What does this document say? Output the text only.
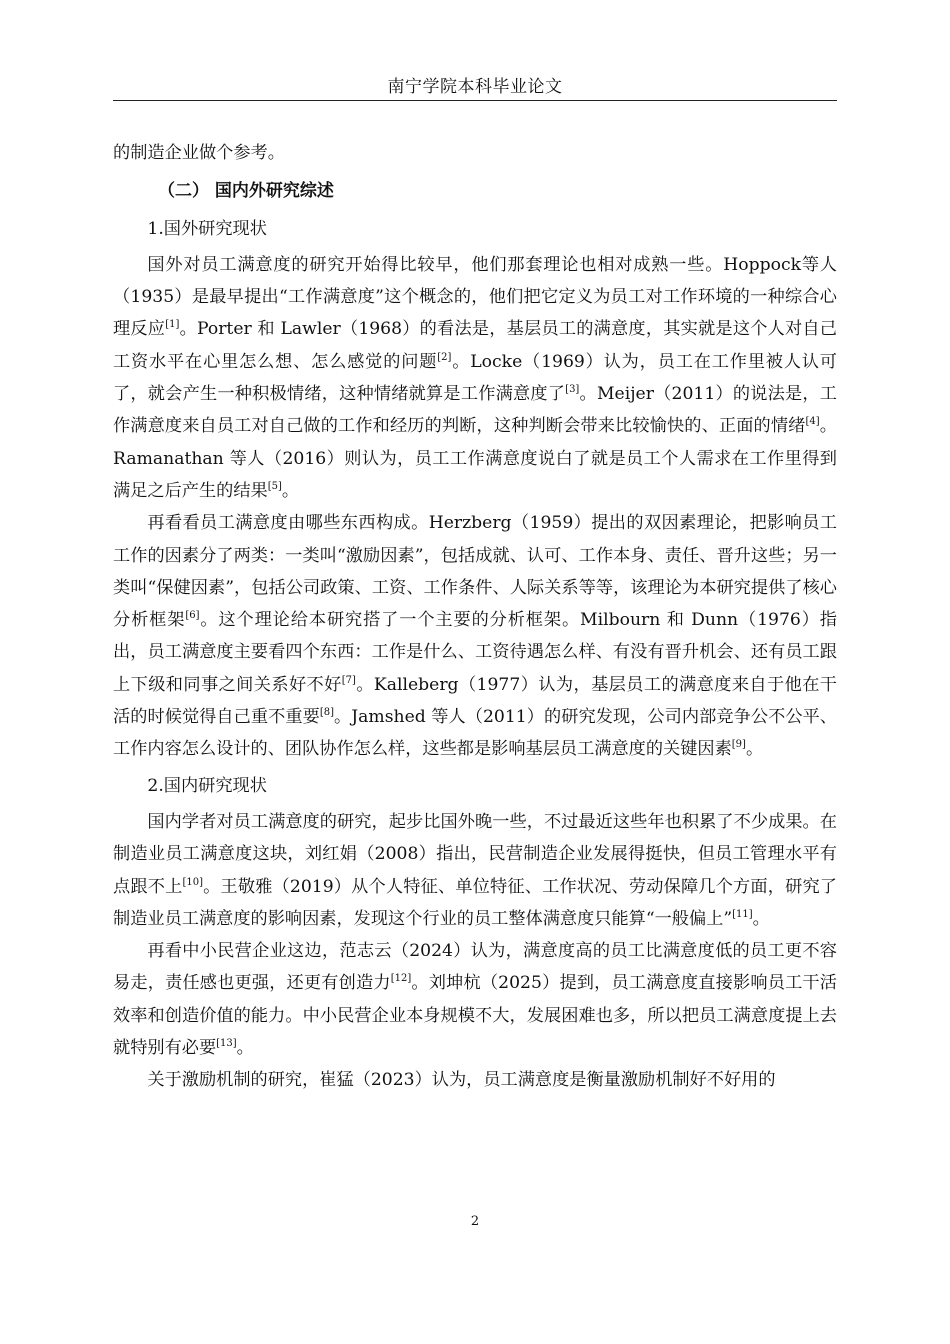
南宁学院本科毕业论文

的制造企业做个参考。

（二） 国内外研究综述
1.国外研究现状

国外对员工满意度的研究开始得比较早，他们那套理论也相对成熟一些。Hoppock等人（1935）是最早提出“工作满意度”这个概念的，他们把它定义为员工对工作环境的一种综合心理反应[1]。Porter 和 Lawler（1968）的看法是，基层员工的满意度，其实就是这个人对自己工资水平在心里怎么想、怎么感觉的问题[2]。Locke（1969）认为，员工在工作里被人认可了，就会产生一种积极情绪，这种情绪就算是工作满意度了[3]。Meijer（2011）的说法是，工作满意度来自员工对自己做的工作和经历的判断，这种判断会带来比较愉快的、正面的情绪[4]。Ramanathan 等人（2016）则认为，员工工作满意度说白了就是员工个人需求在工作里得到满足之后产生的结果[5]。

再看看员工满意度由哪些东西构成。Herzberg（1959）提出的双因素理论，把影响员工工作的因素分了两类：一类叫“激励因素”，包括成就、认可、工作本身、责任、晋升这些；另一类叫“保健因素”，包括公司政策、工资、工作条件、人际关系等等，该理论为本研究提供了核心分析框架[6]。这个理论给本研究搭了一个主要的分析框架。Milbourn 和 Dunn（1976）指出，员工满意度主要看四个东西：工作是什么、工资待遇怎么样、有没有晋升机会、还有员工跟上下级和同事之间关系好不好[7]。Kalleberg（1977）认为，基层员工的满意度来自于他在干活的时候觉得自己重不重要[8]。Jamshed 等人（2011）的研究发现，公司内部竞争公不公平、工作内容怎么设计的、团队协作怎么样，这些都是影响基层员工满意度的关键因素[9]。

2.国内研究现状

国内学者对员工满意度的研究，起步比国外晚一些，不过最近这些年也积累了不少成果。在制造业员工满意度这块，刘红娟（2008）指出，民营制造企业发展得挺快，但员工管理水平有点跟不上[10]。王敬雅（2019）从个人特征、单位特征、工作状况、劳动保障几个方面，研究了制造业员工满意度的影响因素，发现这个行业的员工整体满意度只能算“一般偏上”[11]。

再看中小民营企业这边，范志云（2024）认为，满意度高的员工比满意度低的员工更不容易走，责任感也更强，还更有创造力[12]。刘坤杭（2025）提到，员工满意度直接影响员工干活效率和创造价值的能力。中小民营企业本身规模不大，发展困难也多，所以把员工满意度提上去就特别有必要[13]。

关于激励机制的研究，崔猛（2023）认为，员工满意度是衡量激励机制好不好用的

2
